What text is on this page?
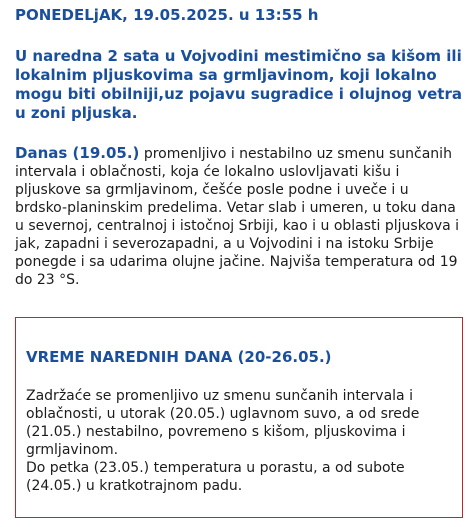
PONEDELjAK, 19.05.2025. u 13:55 h

U narednа 2 sata u Vojvodini mestimično sa kišom ili lokalnim pljuskovima sa grmljavinom, koji lokalno mogu biti obilniji,uz pojavu sugradice i olujnog vetra u zoni pljuska.

Danas (19.05.) promenljivo i nestabilno uz smenu sunčanih intervala i oblačnosti, koja će lokalno uslovljavati kišu i pljuskove sa grmljavinom, češće posle podne i uveče i u brdsko-planinskim predelima. Vetar slab i umeren, u toku dana u severnoj, centralnoj i istočnoj Srbiji, kao i u oblasti pljuskova i jak, zapadni i severozapadni, a u Vojvodini i na istoku Srbije ponegde i sa udarima olujne jačine. Najviša temperatura od 19 do 23 °S.

VREME NAREDNIH DANA (20-26.05.)

Zadržaće se promenljivo uz smenu sunčanih intervala i oblačnosti, u utorak (20.05.) uglavnom suvo, a od srede (21.05.) nestabilno, povremeno s kišom, pljuskovima i grmljavinom.

Do petka (23.05.) temperatura u porastu, a od subote (24.05.) u kratkotrajnom padu.
